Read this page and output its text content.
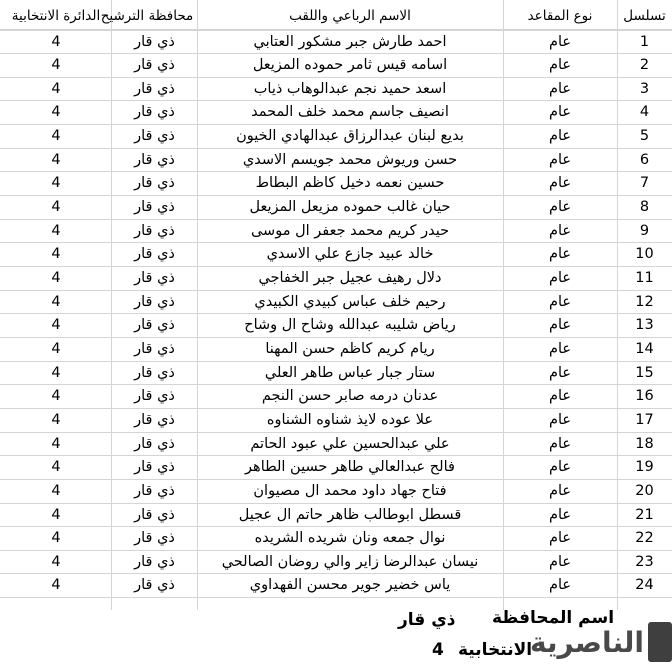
الدائرة الانتخابية محافظة الترشيح	الاسم الرباعي واللقب	نوع المقاعد	تسلسل
4	ذي قار	احمد طارش جبر مشكور العتابي	عام	1
4	ذي قار	اسامه قيس ثامر حموده المزيعل	عام	2
4	ذي قار	اسعد حميد نجم عبدالوهاب ذياب	عام	3
4	ذي قار	انصيف جاسم محمد خلف المحمد	عام	4
4	ذي قار	بديع لبنان عبدالرزاق عبدالهادي الخيون	عام	5
4	ذي قار	حسن وريوش محمد جويسم الاسدي	عام	6
4	ذي قار	حسين نعمه دخيل كاظم البطاط	عام	7
4	ذي قار	حيان غالب حموده مزيعل المزيعل	عام	8
4	ذي قار	حيدر كريم محمد جعفر ال موسى	عام	9
4	ذي قار	خالد عبيد جازع علي الاسدي	عام	10
4	ذي قار	دلال رهيف عجيل جبر الخفاجي	عام	11
4	ذي قار	رحيم خلف عباس كبيدي الكبيدي	عام	12
4	ذي قار	رياض شليبه عبدالله وشاح ال وشاح	عام	13
4	ذي قار	ريام كريم كاظم حسن المهنا	عام	14
4	ذي قار	ستار جبار عباس طاهر العلي	عام	15
4	ذي قار	عدنان درمه صابر حسن النجم	عام	16
4	ذي قار	علا عوده لايذ شناوه الشناوه	عام	17
4	ذي قار	علي عبدالحسين علي عبود الحاتم	عام	18
4	ذي قار	فالح عبدالعالي طاهر حسين الطاهر	عام	19
4	ذي قار	فتاح جهاد داود محمد ال مصيوان	عام	20
4	ذي قار	قسطل ابوطالب ظاهر حاتم ال عجيل	عام	21
4	ذي قار	نوال جمعه ونان شريده الشريده	عام	22
4	ذي قار	نيسان عبدالرضا زاير والي روضان الصالحي	عام	23
4	ذي قار	ياس خضير جوير محسن الفهداوي	عام	24
اسم المحافظة
ذي قار
الانتخابية
4	الناصرية
